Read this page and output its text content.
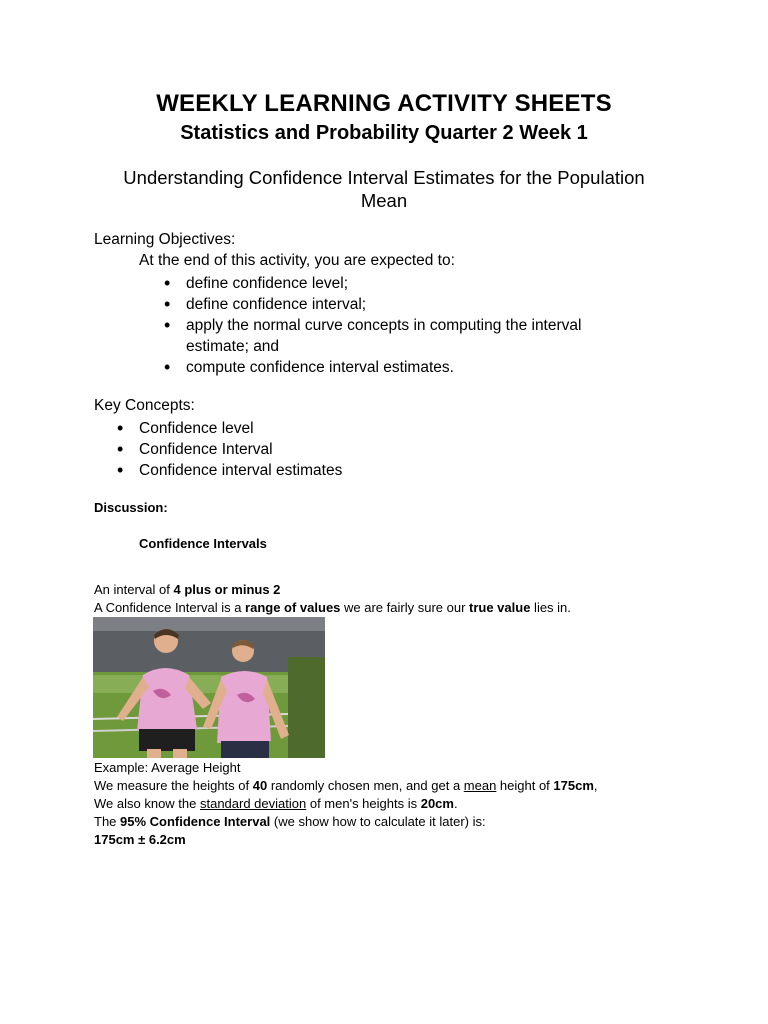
WEEKLY LEARNING ACTIVITY SHEETS
Statistics and Probability Quarter 2 Week 1
Understanding Confidence Interval Estimates for the Population
Mean
Learning Objectives:
At the end of this activity, you are expected to:
• define confidence level;
• define confidence interval;
• apply the normal curve concepts in computing the interval estimate; and
• compute confidence interval estimates.
Key Concepts:
• Confidence level
• Confidence Interval
• Confidence interval estimates
Discussion:
Confidence Intervals
An interval of 4 plus or minus 2
A Confidence Interval is a range of values we are fairly sure our true value lies in.
Example: Average Height
We measure the heights of 40 randomly chosen men, and get a mean height of 175cm,
We also know the standard deviation of men's heights is 20cm.
The 95% Confidence Interval (we show how to calculate it later) is:
175cm ± 6.2cm
